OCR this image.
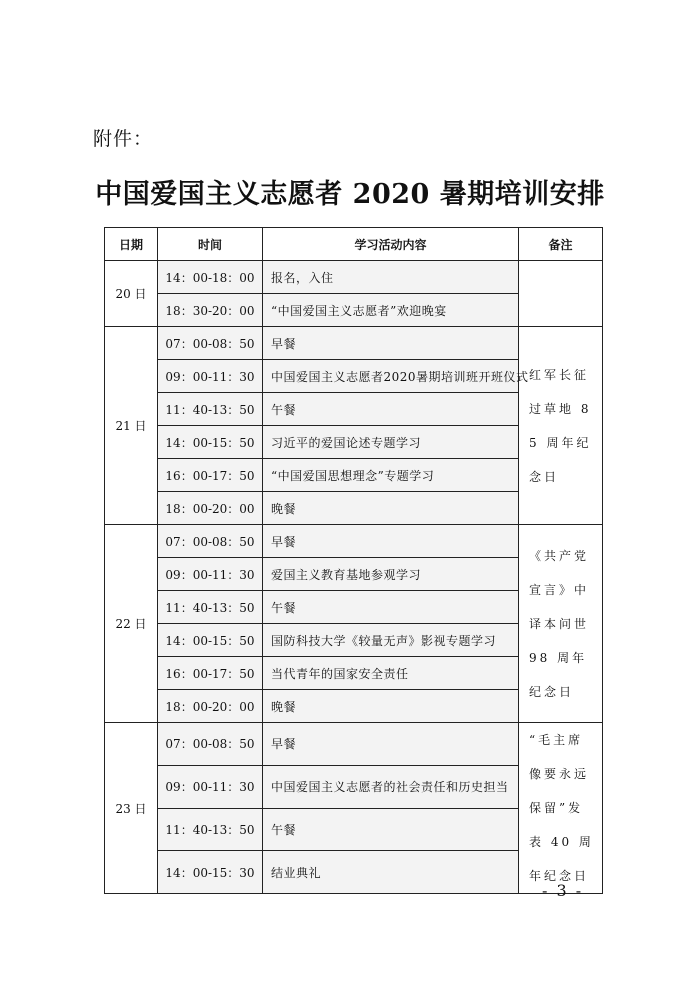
附件：
中国爱国主义志愿者 2020 暑期培训安排
日期	时间	学习活动内容	备注
20 日	14：00-18：00	报名，入住	
	18：30-20：00	“中国爱国主义志愿者”欢迎晚宴	
21 日	07：00-08：50	早餐	红军长征过草地 85 周年纪念日
	09：00-11：30	中国爱国主义志愿者2020暑期培训班开班仪式	
	11：40-13：50	午餐	
	14：00-15：50	习近平的爱国论述专题学习	
	16：00-17：50	“中国爱国思想理念”专题学习	
	18：00-20：00	晚餐	
22 日	07：00-08：50	早餐	《共产党宣言》中译本问世 98 周年纪念日
	09：00-11：30	爱国主义教育基地参观学习	
	11：40-13：50	午餐	
	14：00-15：50	国防科技大学《较量无声》影视专题学习	
	16：00-17：50	当代青年的国家安全责任	
	18：00-20：00	晚餐	
23 日	07：00-08：50	早餐	“毛主席像要永远保留”发表 40 周年纪念日
	09：00-11：30	中国爱国主义志愿者的社会责任和历史担当	
	11：40-13：50	午餐	
	14：00-15：30	结业典礼	
- 3 -
